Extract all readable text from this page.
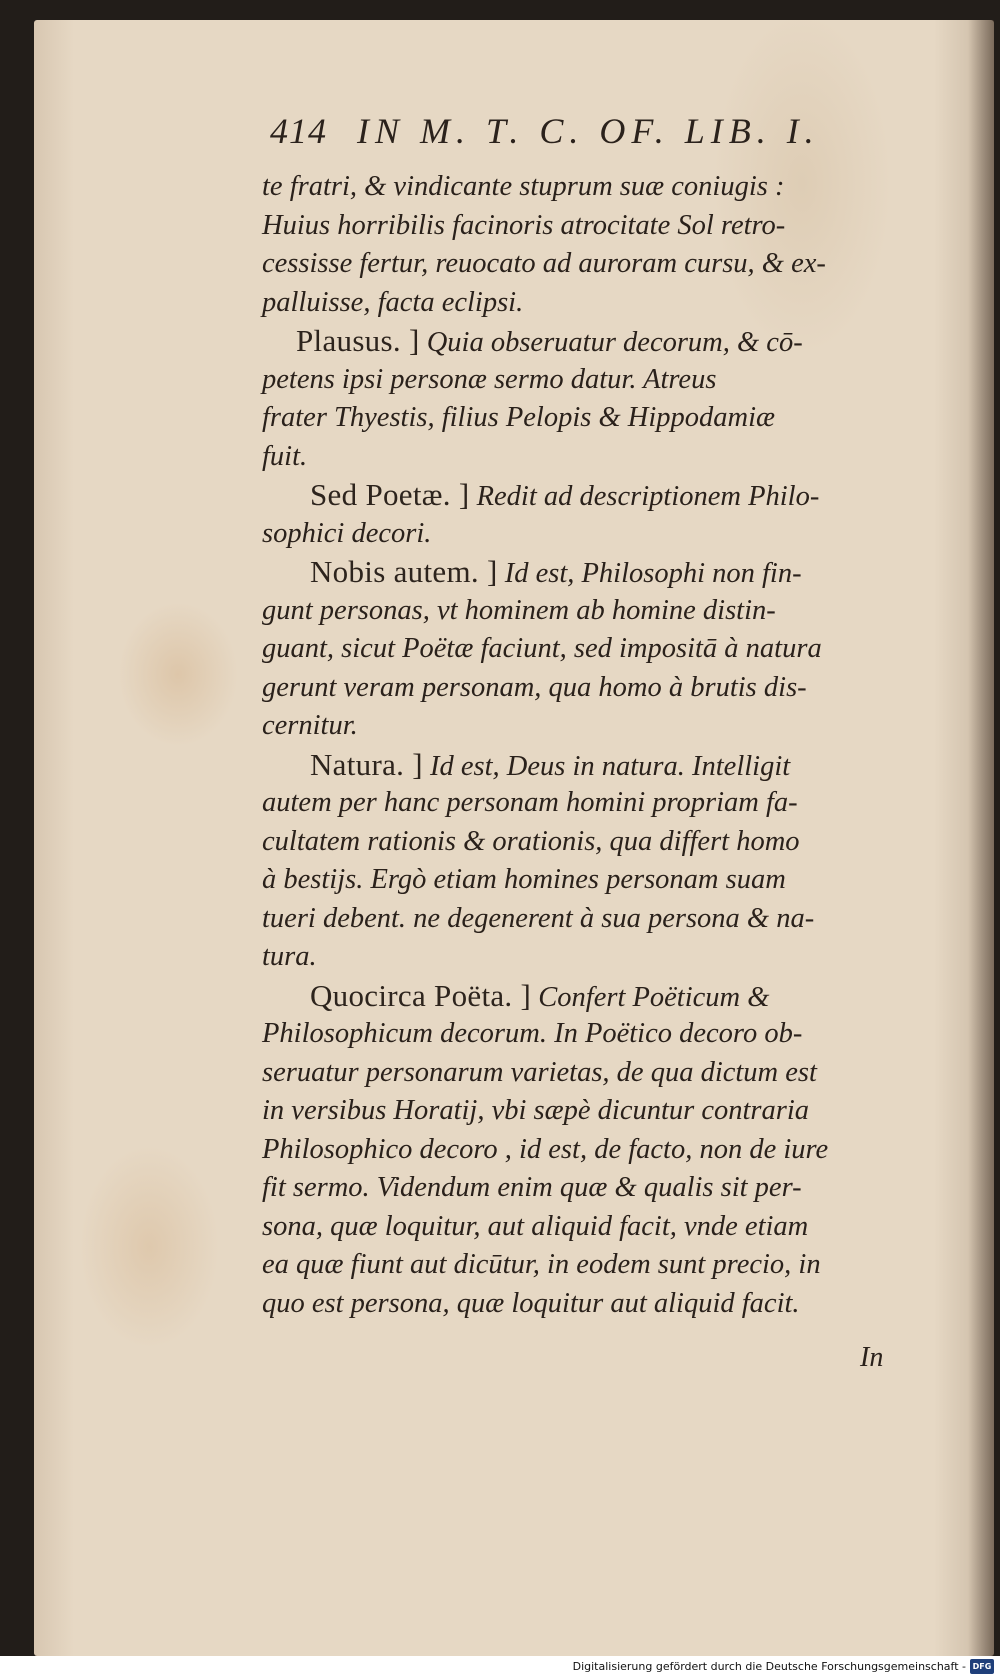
414 IN M. T. C. OF. LIB. I.
te fratri, & vindicante stuprum suæ coniugis :
Huius horribilis facinoris atrocitate Sol retro-
cessisse fertur, reuocato ad auroram cursu, & ex-
palluisse, facta eclipsi.
Plausus. ] Quia obseruatur decorum, & cō-
petens ipsi personæ sermo datur. Atreus
frater Thyestis, filius Pelopis & Hippodamiæ
fuit.
Sed Poetæ. ] Redit ad descriptionem Philo-
sophici decori.
Nobis autem. ] Id est, Philosophi non fin-
gunt personas, vt hominem ab homine distin-
guant, sicut Poëtæ faciunt, sed impositā à natura
gerunt veram personam, qua homo à brutis dis-
cernitur.
Natura. ] Id est, Deus in natura. Intelligit
autem per hanc personam homini propriam fa-
cultatem rationis & orationis, qua differt homo
à bestijs. Ergò etiam homines personam suam
tueri debent. ne degenerent à sua persona & na-
tura.
Quocirca Poëta. ] Confert Poëticum &
Philosophicum decorum. In Poëtico decoro ob-
seruatur personarum varietas, de qua dictum est
in versibus Horatij, vbi sæpè dicuntur contraria
Philosophico decoro , id est, de facto, non de iure
fit sermo. Videndum enim quæ & qualis sit per-
sona, quæ loquitur, aut aliquid facit, vnde etiam
ea quæ fiunt aut dicūtur, in eodem sunt precio, in
quo est persona, quæ loquitur aut aliquid facit.
In
Digitalisierung gefördert durch die Deutsche Forschungsgemeinschaft - DFG
